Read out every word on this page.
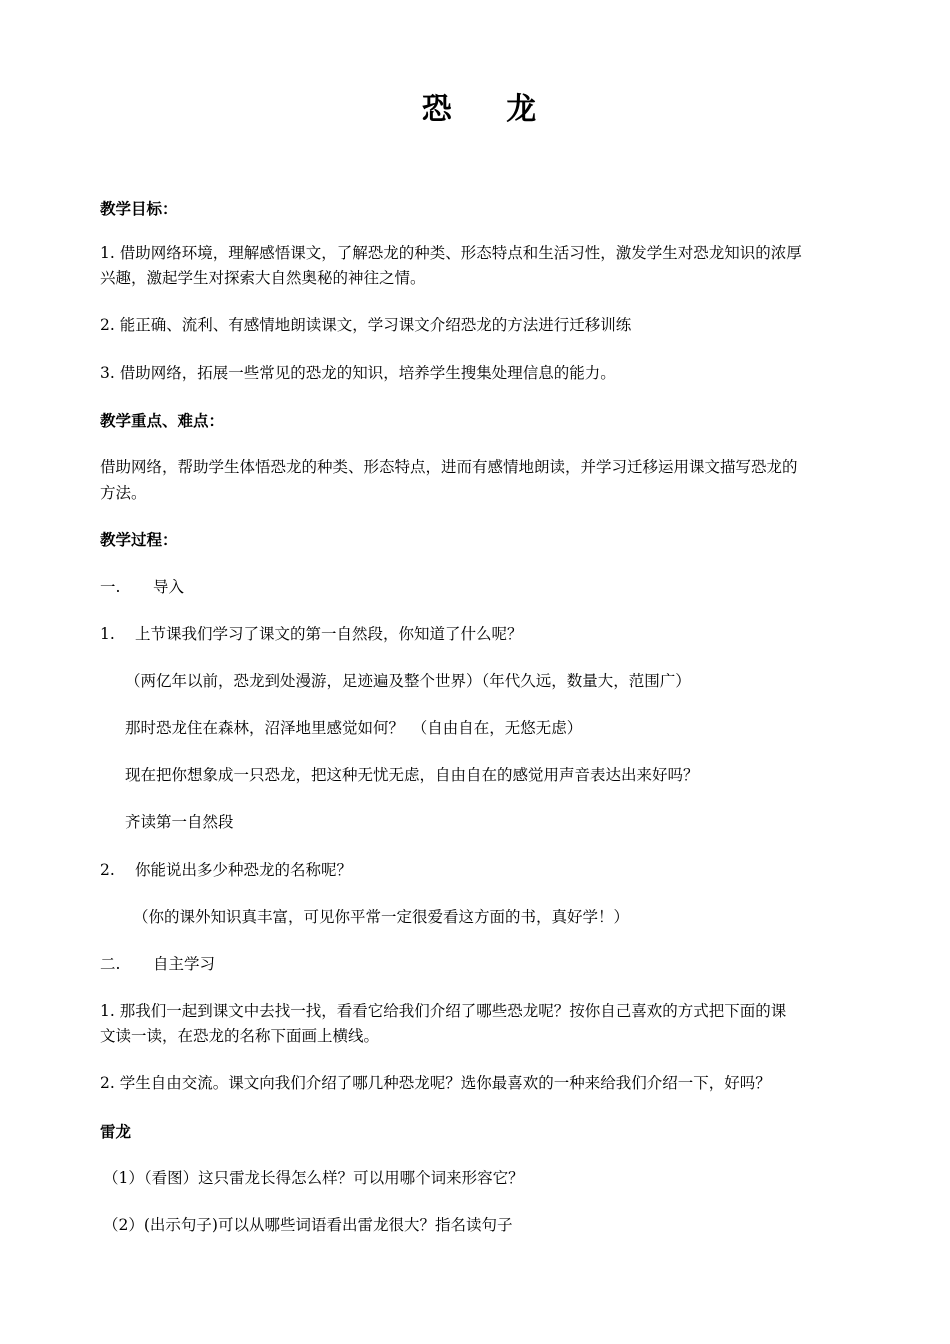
恐 龙
教学目标：
1. 借助网络环境，理解感悟课文，了解恐龙的种类、形态特点和生活习性，激发学生对恐龙知识的浓厚
兴趣，激起学生对探索大自然奥秘的神往之情。
2. 能正确、流利、有感情地朗读课文，学习课文介绍恐龙的方法进行迁移训练
3. 借助网络，拓展一些常见的恐龙的知识，培养学生搜集处理信息的能力。
教学重点、难点：
借助网络，帮助学生体悟恐龙的种类、形态特点，进而有感情地朗读，并学习迁移运用课文描写恐龙的
方法。
教学过程：
一. 导入
1. 上节课我们学习了课文的第一自然段，你知道了什么呢？
（两亿年以前，恐龙到处漫游，足迹遍及整个世界）（年代久远，数量大，范围广）
那时恐龙住在森林，沼泽地里感觉如何？　（自由自在，无悠无虑）
现在把你想象成一只恐龙，把这种无忧无虑，自由自在的感觉用声音表达出来好吗？
齐读第一自然段
2. 你能说出多少种恐龙的名称呢？
（你的课外知识真丰富，可见你平常一定很爱看这方面的书，真好学！）
二. 自主学习
1. 那我们一起到课文中去找一找，看看它给我们介绍了哪些恐龙呢？按你自己喜欢的方式把下面的课
文读一读，在恐龙的名称下面画上横线。
2. 学生自由交流。课文向我们介绍了哪几种恐龙呢？选你最喜欢的一种来给我们介绍一下，好吗？
雷龙
（1）（看图）这只雷龙长得怎么样？可以用哪个词来形容它？
（2）(出示句子)可以从哪些词语看出雷龙很大？指名读句子
